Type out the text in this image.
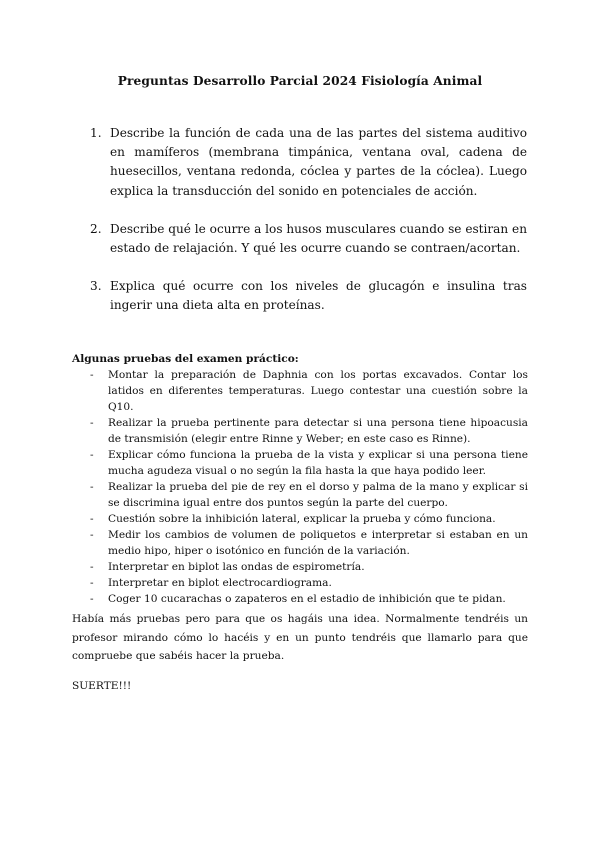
Preguntas Desarrollo Parcial 2024 Fisiología Animal
1. Describe la función de cada una de las partes del sistema auditivo en mamíferos (membrana timpánica, ventana oval, cadena de huesecillos, ventana redonda, cóclea y partes de la cóclea). Luego explica la transducción del sonido en potenciales de acción.
2. Describe qué le ocurre a los husos musculares cuando se estiran en estado de relajación. Y qué les ocurre cuando se contraen/acortan.
3. Explica qué ocurre con los niveles de glucagón e insulina tras ingerir una dieta alta en proteínas.
Algunas pruebas del examen práctico:
-	Montar la preparación de Daphnia con los portas excavados. Contar los latidos en diferentes temperaturas. Luego contestar una cuestión sobre la Q10.
-	Realizar la prueba pertinente para detectar si una persona tiene hipoacusia de transmisión (elegir entre Rinne y Weber; en este caso es Rinne).
-	Explicar cómo funciona la prueba de la vista y explicar si una persona tiene mucha agudeza visual o no según la fila hasta la que haya podido leer.
-	Realizar la prueba del pie de rey en el dorso y palma de la mano y explicar si se discrimina igual entre dos puntos según la parte del cuerpo.
-	Cuestión sobre la inhibición lateral, explicar la prueba y cómo funciona.
-	Medir los cambios de volumen de poliquetos e interpretar si estaban en un medio hipo, hiper o isotónico en función de la variación.
-	Interpretar en biplot las ondas de espirometría.
-	Interpretar en biplot electrocardiograma.
-	Coger 10 cucarachas o zapateros en el estadio de inhibición que te pidan.
Había más pruebas pero para que os hagáis una idea. Normalmente tendréis un profesor mirando cómo lo hacéis y en un punto tendréis que llamarlo para que compruebe que sabéis hacer la prueba.
SUERTE!!!
